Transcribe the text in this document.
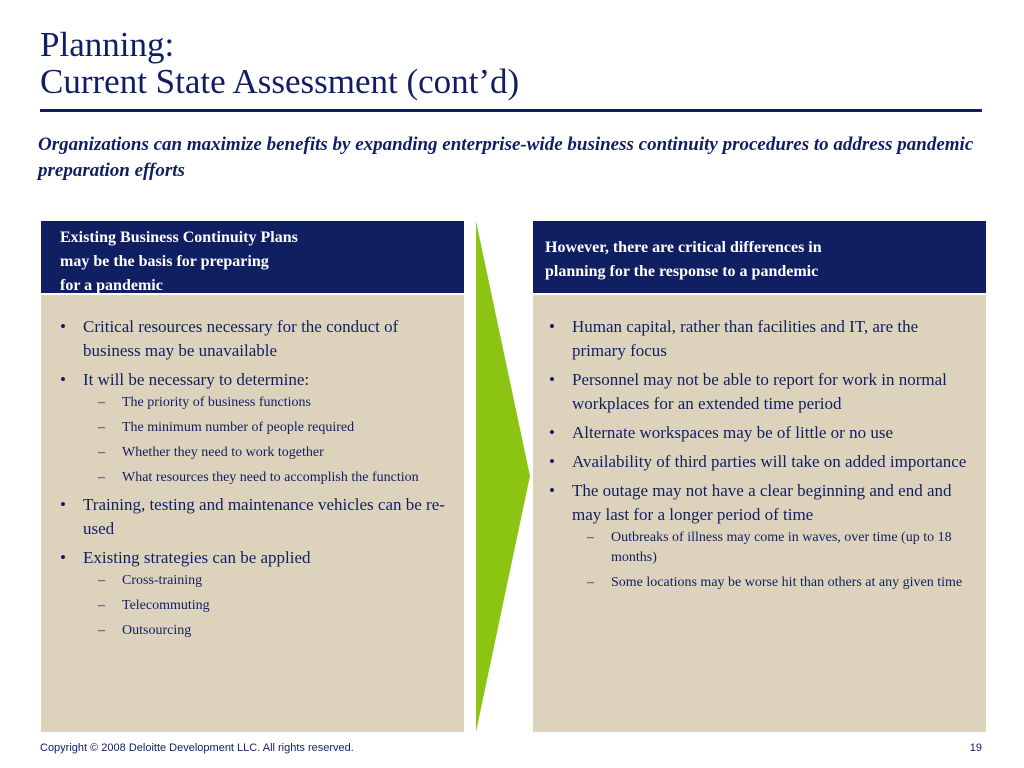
Planning:
Current State Assessment (cont’d)
Organizations can maximize benefits by expanding enterprise-wide business continuity procedures to address pandemic preparation efforts
Existing Business Continuity Plans
may be the basis for preparing
for a pandemic
• Critical resources necessary for the conduct of business may be unavailable
• It will be necessary to determine:
– The priority of business functions
– The minimum number of people required
– Whether they need to work together
– What resources they need to accomplish the function
• Training, testing and maintenance vehicles can be re-used
• Existing strategies can be applied
– Cross-training
– Telecommuting
– Outsourcing
However, there are critical differences in
planning for the response to a pandemic
• Human capital, rather than facilities and IT, are the primary focus
• Personnel may not be able to report for work in normal workplaces for an extended time period
• Alternate workspaces may be of little or no use
• Availability of third parties will take on added importance
• The outage may not have a clear beginning and end and may last for a longer period of time
– Outbreaks of illness may come in waves, over time (up to 18 months)
– Some locations may be worse hit than others at any given time
Copyright © 2008 Deloitte Development LLC. All rights reserved.	19
